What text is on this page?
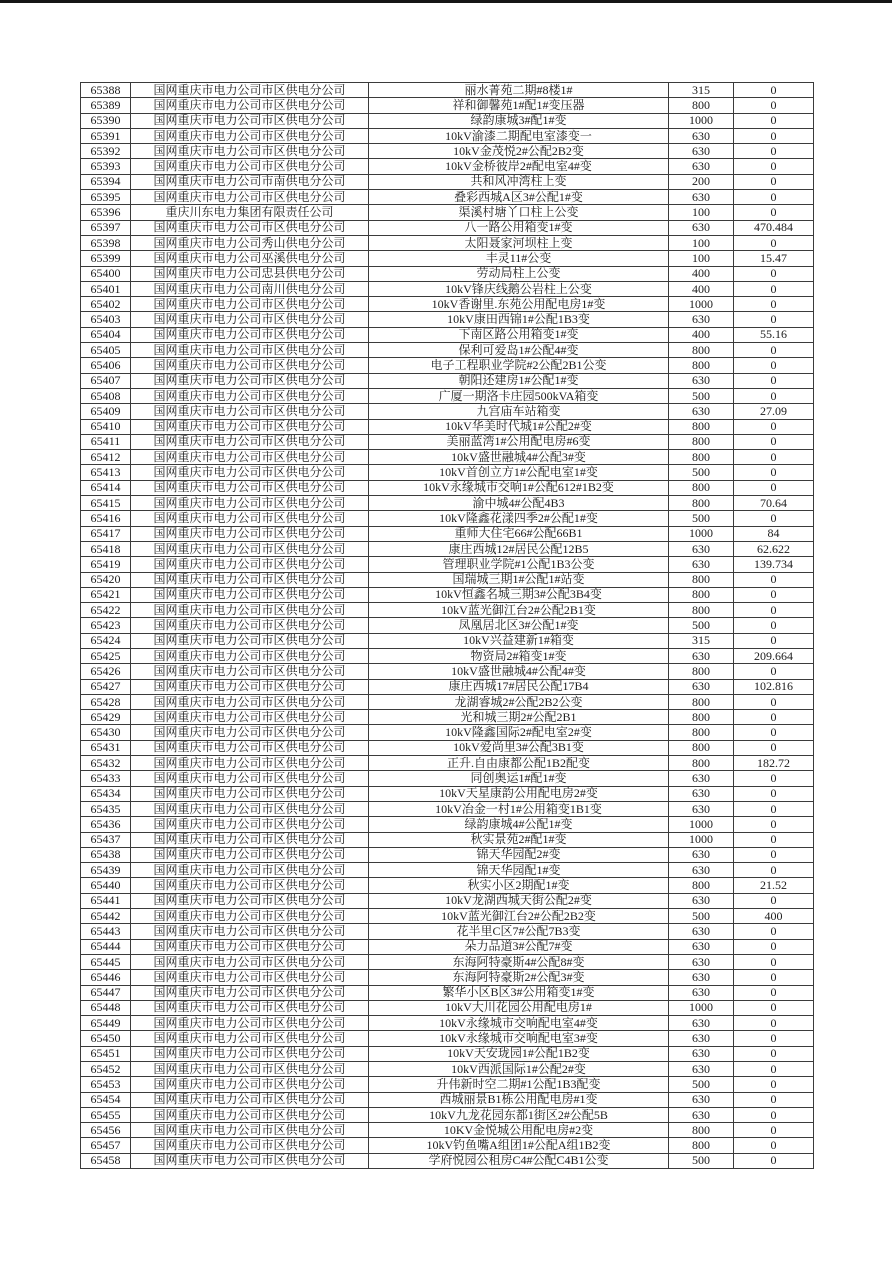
65388	国网重庆市电力公司市区供电分公司	丽水菁苑二期#8楼1#	315	0
65389	国网重庆市电力公司市区供电分公司	祥和御馨苑1#配1#变压器	800	0
65390	国网重庆市电力公司市区供电分公司	绿韵康城3#配1#变	1000	0
65391	国网重庆市电力公司市区供电分公司	10kV渝漆二期配电室漆变一	630	0
65392	国网重庆市电力公司市区供电分公司	10kV金茂悦2#公配2B2变	630	0
65393	国网重庆市电力公司市区供电分公司	10kV金桥彼岸2#配电室4#变	630	0
65394	国网重庆市电力公司市南供电分公司	共和风冲湾柱上变	200	0
65395	国网重庆市电力公司市区供电分公司	叠彩西城A区3#公配1#变	630	0
65396	重庆川东电力集团有限责任公司	渠溪村塘丫口柱上公变	100	0
65397	国网重庆市电力公司市区供电分公司	八一路公用箱变1#变	630	470.484
65398	国网重庆市电力公司秀山供电分公司	太阳聂家河坝柱上变	100	0
65399	国网重庆市电力公司巫溪供电分公司	丰灵11#公变	100	15.47
65400	国网重庆市电力公司忠县供电分公司	劳动局柱上公变	400	0
65401	国网重庆市电力公司南川供电分公司	10kV锋庆线鹅公岩柱上公变	400	0
65402	国网重庆市电力公司市区供电分公司	10kV香谢里.东苑公用配电房1#变	1000	0
65403	国网重庆市电力公司市区供电分公司	10kV康田西锦1#公配1B3变	630	0
65404	国网重庆市电力公司市区供电分公司	下南区路公用箱变1#变	400	55.16
65405	国网重庆市电力公司市区供电分公司	保利可爱岛1#公配4#变	800	0
65406	国网重庆市电力公司市区供电分公司	电子工程职业学院#2公配2B1公变	800	0
65407	国网重庆市电力公司市区供电分公司	朝阳还建房1#公配1#变	630	0
65408	国网重庆市电力公司市区供电分公司	广厦一期洛卡庄园500kVA箱变	500	0
65409	国网重庆市电力公司市区供电分公司	九宫庙车站箱变	630	27.09
65410	国网重庆市电力公司市区供电分公司	10kV华美时代城1#公配2#变	800	0
65411	国网重庆市电力公司市区供电分公司	美丽蓝湾1#公用配电房#6变	800	0
65412	国网重庆市电力公司市区供电分公司	10kV盛世融城4#公配3#变	800	0
65413	国网重庆市电力公司市区供电分公司	10kV首创立方1#公配电室1#变	500	0
65414	国网重庆市电力公司市区供电分公司	10kV永缘城市交响1#公配612#1B2变	800	0
65415	国网重庆市电力公司市区供电分公司	渝中城4#公配4B3	800	70.64
65416	国网重庆市电力公司市区供电分公司	10kV隆鑫花漾四季2#公配1#变	500	0
65417	国网重庆市电力公司市区供电分公司	重师大住宅66#公配66B1	1000	84
65418	国网重庆市电力公司市区供电分公司	康庄西城12#居民公配12B5	630	62.622
65419	国网重庆市电力公司市区供电分公司	管理职业学院#1公配1B3公变	630	139.734
65420	国网重庆市电力公司市区供电分公司	国瑞城三期1#公配1#站变	800	0
65421	国网重庆市电力公司市区供电分公司	10kV恒鑫名城三期3#公配3B4变	800	0
65422	国网重庆市电力公司市区供电分公司	10kV蓝光御江台2#公配2B1变	800	0
65423	国网重庆市电力公司市区供电分公司	凤凰居北区3#公配1#变	500	0
65424	国网重庆市电力公司市区供电分公司	10kV兴益建新1#箱变	315	0
65425	国网重庆市电力公司市区供电分公司	物资局2#箱变1#变	630	209.664
65426	国网重庆市电力公司市区供电分公司	10kV盛世融城4#公配4#变	800	0
65427	国网重庆市电力公司市区供电分公司	康庄西城17#居民公配17B4	630	102.816
65428	国网重庆市电力公司市区供电分公司	龙湖睿城2#公配2B2公变	800	0
65429	国网重庆市电力公司市区供电分公司	光和城三期2#公配2B1	800	0
65430	国网重庆市电力公司市区供电分公司	10kV隆鑫国际2#配电室2#变	800	0
65431	国网重庆市电力公司市区供电分公司	10kV爱尚里3#公配3B1变	800	0
65432	国网重庆市电力公司市区供电分公司	正升.自由康都公配1B2配变	800	182.72
65433	国网重庆市电力公司市区供电分公司	同创奥运1#配1#变	630	0
65434	国网重庆市电力公司市区供电分公司	10kV天星康韵公用配电房2#变	630	0
65435	国网重庆市电力公司市区供电分公司	10kV冶金一村1#公用箱变1B1变	630	0
65436	国网重庆市电力公司市区供电分公司	绿韵康城4#公配1#变	1000	0
65437	国网重庆市电力公司市区供电分公司	秋实景苑2#配1#变	1000	0
65438	国网重庆市电力公司市区供电分公司	锦天华园配2#变	630	0
65439	国网重庆市电力公司市区供电分公司	锦天华园配1#变	630	0
65440	国网重庆市电力公司市区供电分公司	秋实小区2期配1#变	800	21.52
65441	国网重庆市电力公司市区供电分公司	10kV龙湖西城天街公配2#变	630	0
65442	国网重庆市电力公司市区供电分公司	10kV蓝光御江台2#公配2B2变	500	400
65443	国网重庆市电力公司市区供电分公司	花半里C区7#公配7B3变	630	0
65444	国网重庆市电力公司市区供电分公司	朵力品道3#公配7#变	630	0
65445	国网重庆市电力公司市区供电分公司	东海阿特豪斯4#公配8#变	630	0
65446	国网重庆市电力公司市区供电分公司	东海阿特豪斯2#公配3#变	630	0
65447	国网重庆市电力公司市区供电分公司	繁华小区B区3#公用箱变1#变	630	0
65448	国网重庆市电力公司市区供电分公司	10kV大川花园公用配电房1#	1000	0
65449	国网重庆市电力公司市区供电分公司	10kV永缘城市交响配电室4#变	630	0
65450	国网重庆市电力公司市区供电分公司	10kV永缘城市交响配电室3#变	630	0
65451	国网重庆市电力公司市区供电分公司	10kV天安珑园1#公配1B2变	630	0
65452	国网重庆市电力公司市区供电分公司	10kV西派国际1#公配2#变	630	0
65453	国网重庆市电力公司市区供电分公司	升伟新时空二期#1公配1B3配变	500	0
65454	国网重庆市电力公司市区供电分公司	西城丽景B1栋公用配电房#1变	630	0
65455	国网重庆市电力公司市区供电分公司	10kV九龙花园东都1街区2#公配5B	630	0
65456	国网重庆市电力公司市区供电分公司	10KV金悦城公用配电房#2变	800	0
65457	国网重庆市电力公司市区供电分公司	10kV钓鱼嘴A组团1#公配A组1B2变	800	0
65458	国网重庆市电力公司市区供电分公司	学府悦园公租房C4#公配C4B1公变	500	0
